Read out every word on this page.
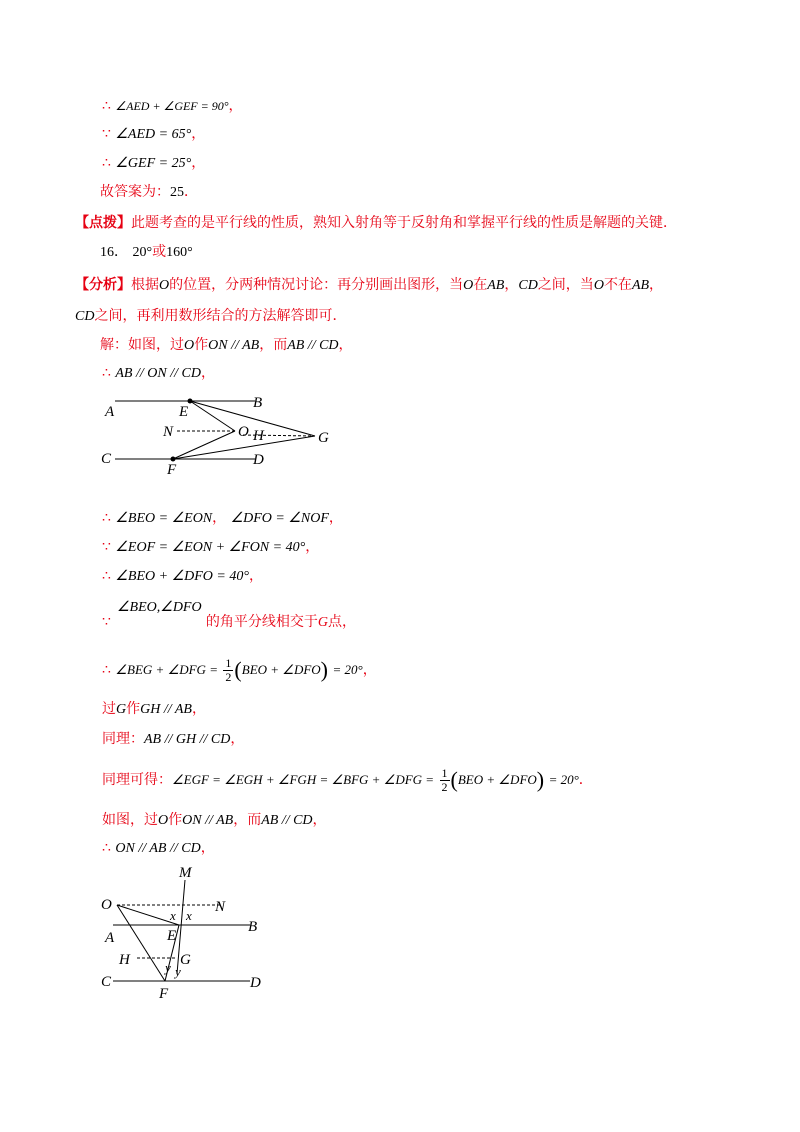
∴ ∠AED + ∠GEF = 90°，
∵ ∠AED = 65°，
∴ ∠GEF = 25°，
故答案为：25．
【点拨】此题考查的是平行线的性质，熟知入射角等于反射角和掌握平行线的性质是解题的关键．
16． 20°或160°
【分析】根据O的位置，分两种情况讨论：再分别画出图形，当O在AB，CD之间，当O不在AB，
CD之间，再利用数形结合的方法解答即可．
解：如图，过O作ON // AB，而AB // CD，
∴ AB // ON // CD，
A	E
B
N	O H	G
C
F
D
∴ ∠BEO = ∠EON， ∠DFO = ∠NOF，
∵ ∠EOF = ∠EON + ∠FON = 40°，
∴ ∠BEO + ∠DFO = 40°，
∠BEO,∠DFO
∵	的角平分线相交于G点，
∴ ∠BEG + ∠DFG = $\frac{1}{2} (BEO$ + ∠DFO) = 20°，
过G作GH // AB，
同理：AB // GH // CD，
同理可得：∠EGF = ∠EGH + ∠FGH = ∠BFG + ∠DFG = $\frac{1}{2} (BEO$ + ∠DFO) = 20°．
如图，过O作ON // AB，而AB // CD，
∴ ON // AB // CD，
M
O	N
x x
A	E
B
H	G
y y
C
F
D
